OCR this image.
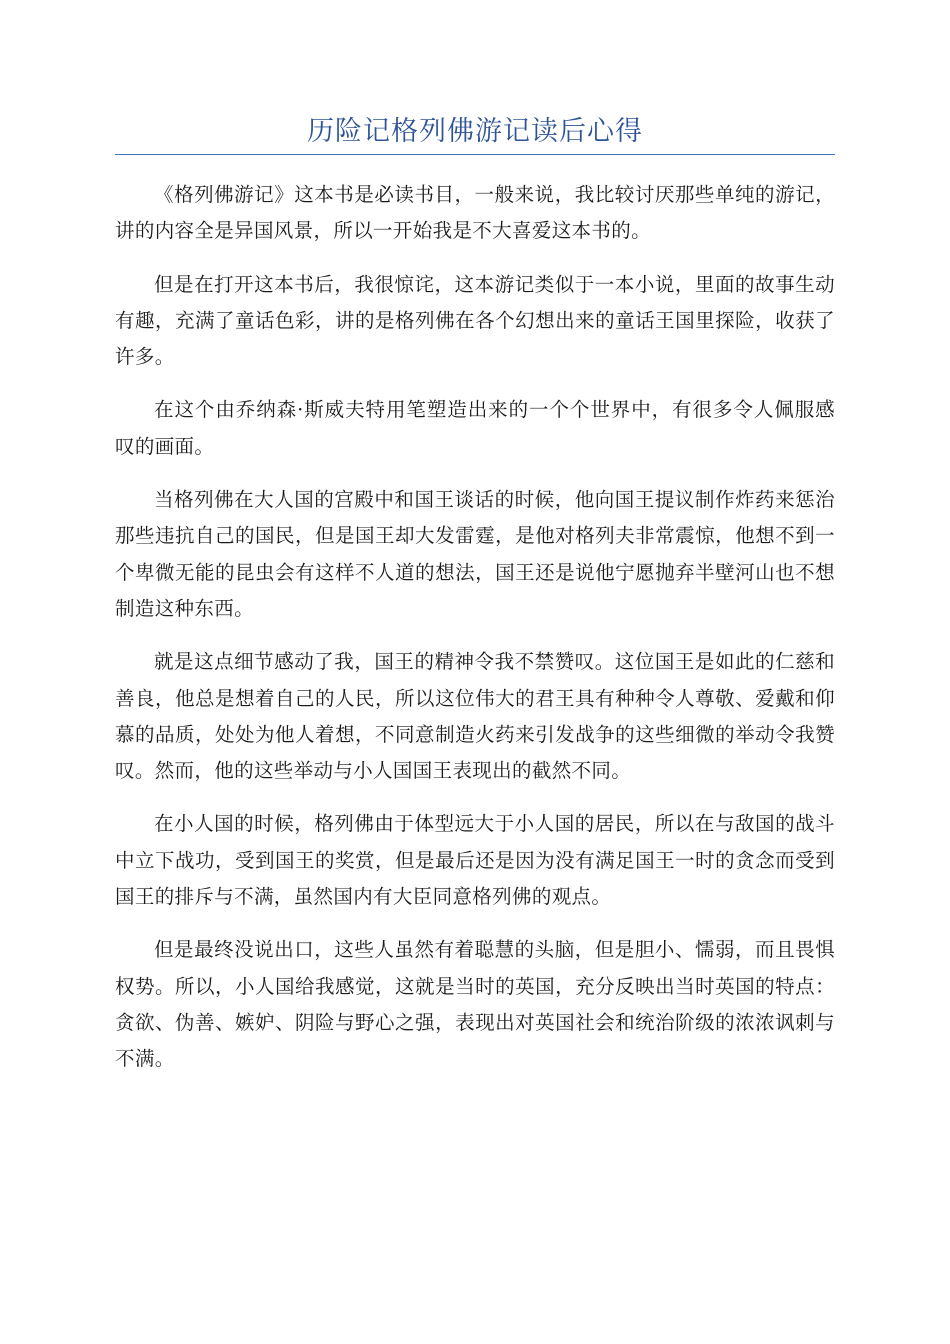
历险记格列佛游记读后心得

《格列佛游记》这本书是必读书目，一般来说，我比较讨厌那些单纯的游记，讲的内容全是异国风景，所以一开始我是不大喜爱这本书的。

但是在打开这本书后，我很惊诧，这本游记类似于一本小说，里面的故事生动有趣，充满了童话色彩，讲的是格列佛在各个幻想出来的童话王国里探险，收获了许多。

在这个由乔纳森·斯威夫特用笔塑造出来的一个个世界中，有很多令人佩服感叹的画面。

当格列佛在大人国的宫殿中和国王谈话的时候，他向国王提议制作炸药来惩治那些违抗自己的国民，但是国王却大发雷霆，是他对格列夫非常震惊，他想不到一个卑微无能的昆虫会有这样不人道的想法，国王还是说他宁愿抛弃半壁河山也不想制造这种东西。

就是这点细节感动了我，国王的精神令我不禁赞叹。这位国王是如此的仁慈和善良，他总是想着自己的人民，所以这位伟大的君王具有种种令人尊敬、爱戴和仰慕的品质，处处为他人着想，不同意制造火药来引发战争的这些细微的举动令我赞叹。然而，他的这些举动与小人国国王表现出的截然不同。

在小人国的时候，格列佛由于体型远大于小人国的居民，所以在与敌国的战斗中立下战功，受到国王的奖赏，但是最后还是因为没有满足国王一时的贪念而受到国王的排斥与不满，虽然国内有大臣同意格列佛的观点。

但是最终没说出口，这些人虽然有着聪慧的头脑，但是胆小、懦弱，而且畏惧权势。所以，小人国给我感觉，这就是当时的英国，充分反映出当时英国的特点：贪欲、伪善、嫉妒、阴险与野心之强，表现出对英国社会和统治阶级的浓浓讽刺与不满。
